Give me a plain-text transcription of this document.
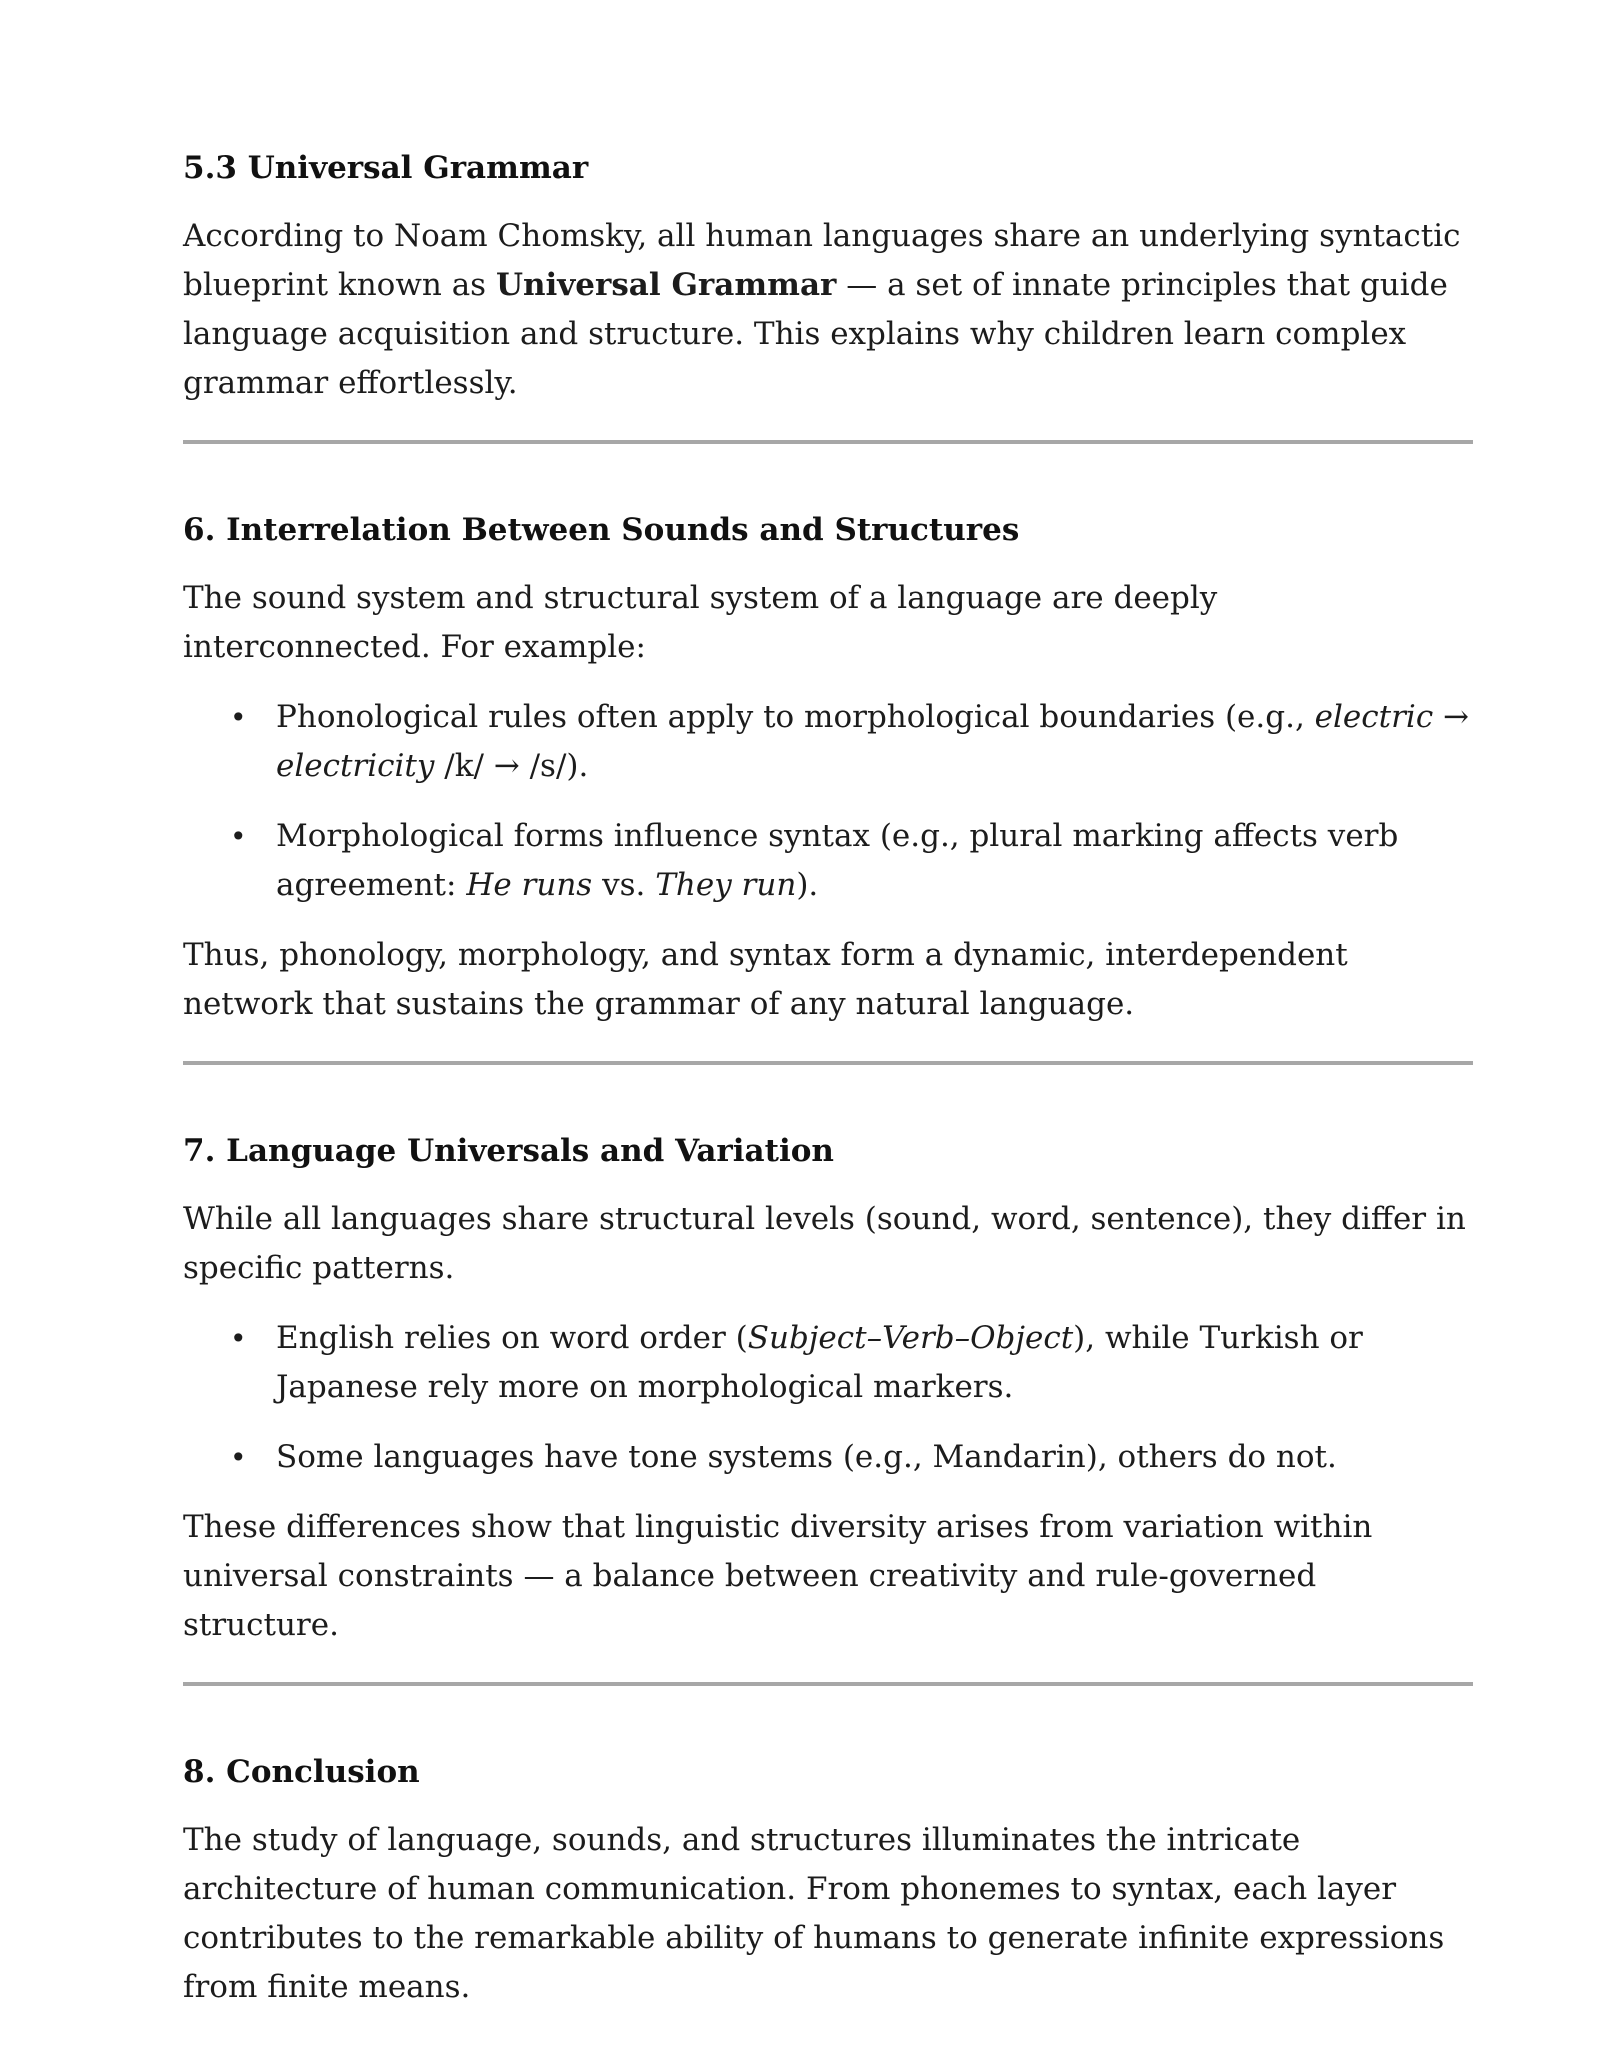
5.3 Universal Grammar

According to Noam Chomsky, all human languages share an underlying syntactic blueprint known as Universal Grammar — a set of innate principles that guide language acquisition and structure. This explains why children learn complex grammar effortlessly.

6. Interrelation Between Sounds and Structures

The sound system and structural system of a language are deeply interconnected. For example:

• Phonological rules often apply to morphological boundaries (e.g., electric → electricity /k/ → /s/).
• Morphological forms influence syntax (e.g., plural marking affects verb agreement: He runs vs. They run).

Thus, phonology, morphology, and syntax form a dynamic, interdependent network that sustains the grammar of any natural language.

7. Language Universals and Variation

While all languages share structural levels (sound, word, sentence), they differ in specific patterns.

• English relies on word order (Subject–Verb–Object), while Turkish or Japanese rely more on morphological markers.
• Some languages have tone systems (e.g., Mandarin), others do not.

These differences show that linguistic diversity arises from variation within universal constraints — a balance between creativity and rule-governed structure.

8. Conclusion

The study of language, sounds, and structures illuminates the intricate architecture of human communication. From phonemes to syntax, each layer contributes to the remarkable ability of humans to generate infinite expressions from finite means.
